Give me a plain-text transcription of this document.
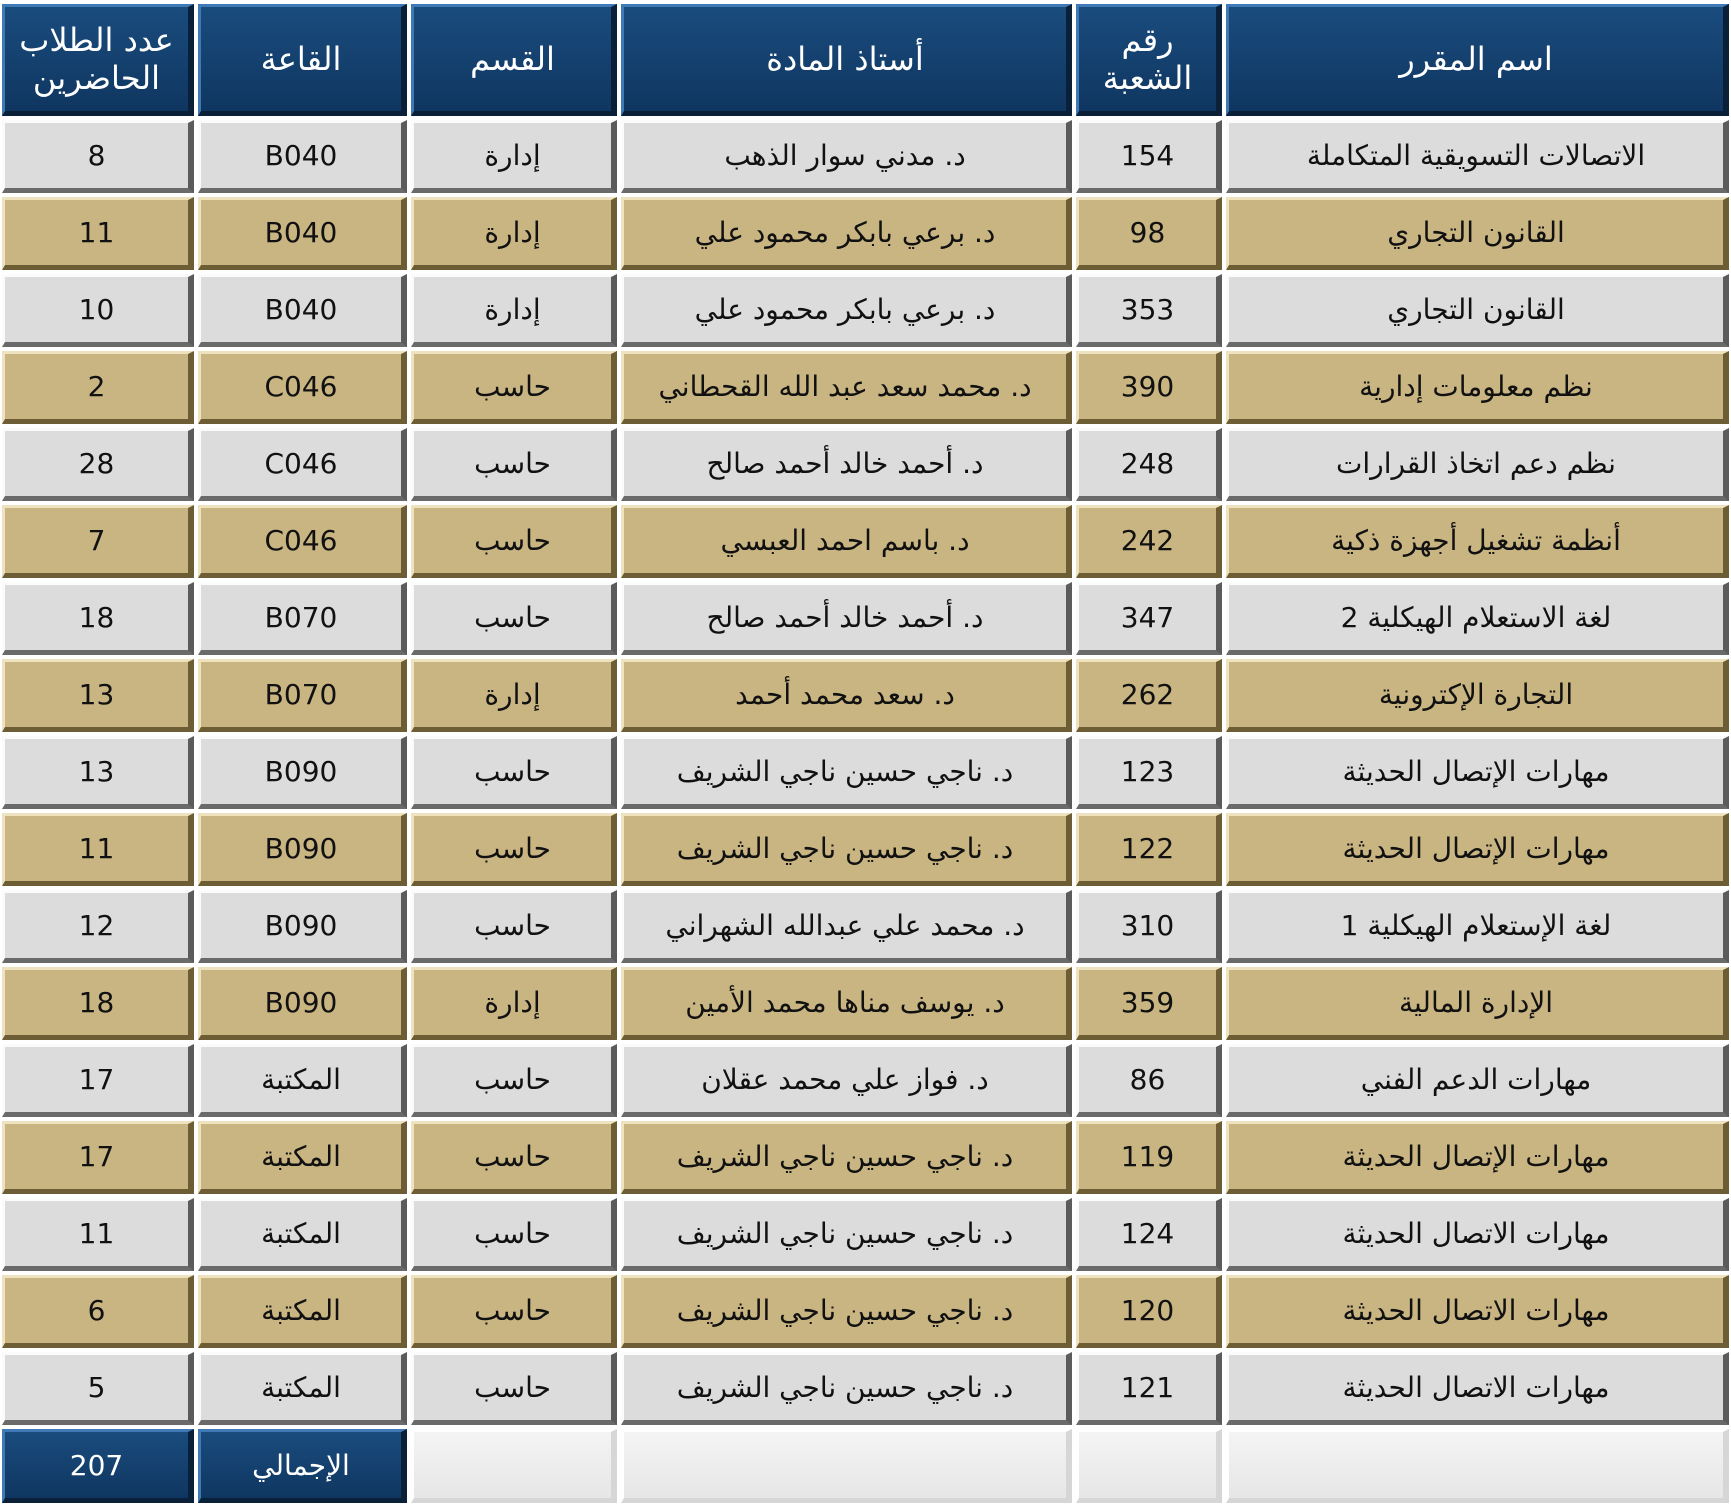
عدد الطلاب الحاضرين	القاعة	القسم	أستاذ المادة	رقم الشعبة	اسم المقرر
8	B040	إدارة	د. مدني سوار الذهب	154	الاتصالات التسويقية المتكاملة
11	B040	إدارة	د. برعي بابكر محمود علي	98	القانون التجاري
10	B040	إدارة	د. برعي بابكر محمود علي	353	القانون التجاري
2	C046	حاسب	د. محمد سعد عبد الله القحطاني	390	نظم معلومات إدارية
28	C046	حاسب	د. أحمد خالد أحمد صالح	248	نظم دعم اتخاذ القرارات
7	C046	حاسب	د. باسم احمد العبسي	242	أنظمة تشغيل أجهزة ذكية
18	B070	حاسب	د. أحمد خالد أحمد صالح	347	لغة الاستعلام الهيكلية 2
13	B070	إدارة	د. سعد محمد أحمد	262	التجارة الإكترونية
13	B090	حاسب	د. ناجي حسين ناجي الشريف	123	مهارات الإتصال الحديثة
11	B090	حاسب	د. ناجي حسين ناجي الشريف	122	مهارات الإتصال الحديثة
12	B090	حاسب	د. محمد علي عبدالله الشهراني	310	لغة الإستعلام الهيكلية 1
18	B090	إدارة	د. يوسف مناها محمد الأمين	359	الإدارة المالية
17	المكتبة	حاسب	د. فواز علي محمد عقلان	86	مهارات الدعم الفني
17	المكتبة	حاسب	د. ناجي حسين ناجي الشريف	119	مهارات الإتصال الحديثة
11	المكتبة	حاسب	د. ناجي حسين ناجي الشريف	124	مهارات الاتصال الحديثة
6	المكتبة	حاسب	د. ناجي حسين ناجي الشريف	120	مهارات الاتصال الحديثة
5	المكتبة	حاسب	د. ناجي حسين ناجي الشريف	121	مهارات الاتصال الحديثة
207	الإجمالي
